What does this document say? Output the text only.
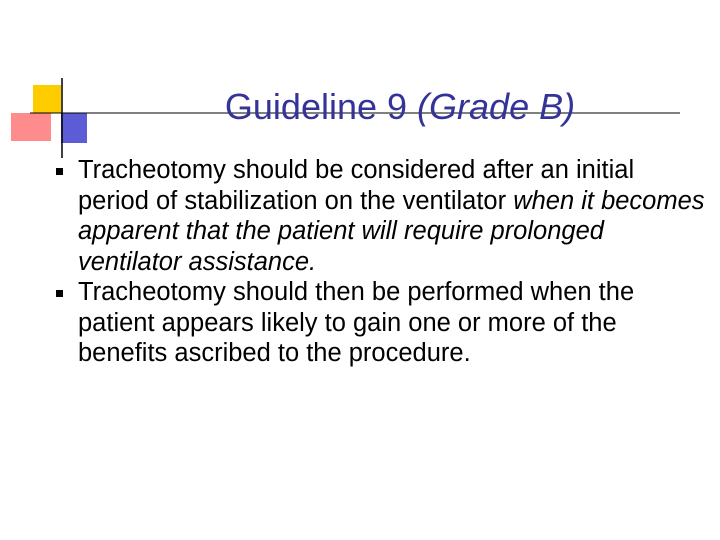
Guideline 9 (Grade B)
Tracheotomy should be considered after an initial period of stabilization on the ventilator when it becomes apparent that the patient will require prolonged ventilator assistance.
Tracheotomy should then be performed when the patient appears likely to gain one or more of the benefits ascribed to the procedure.
